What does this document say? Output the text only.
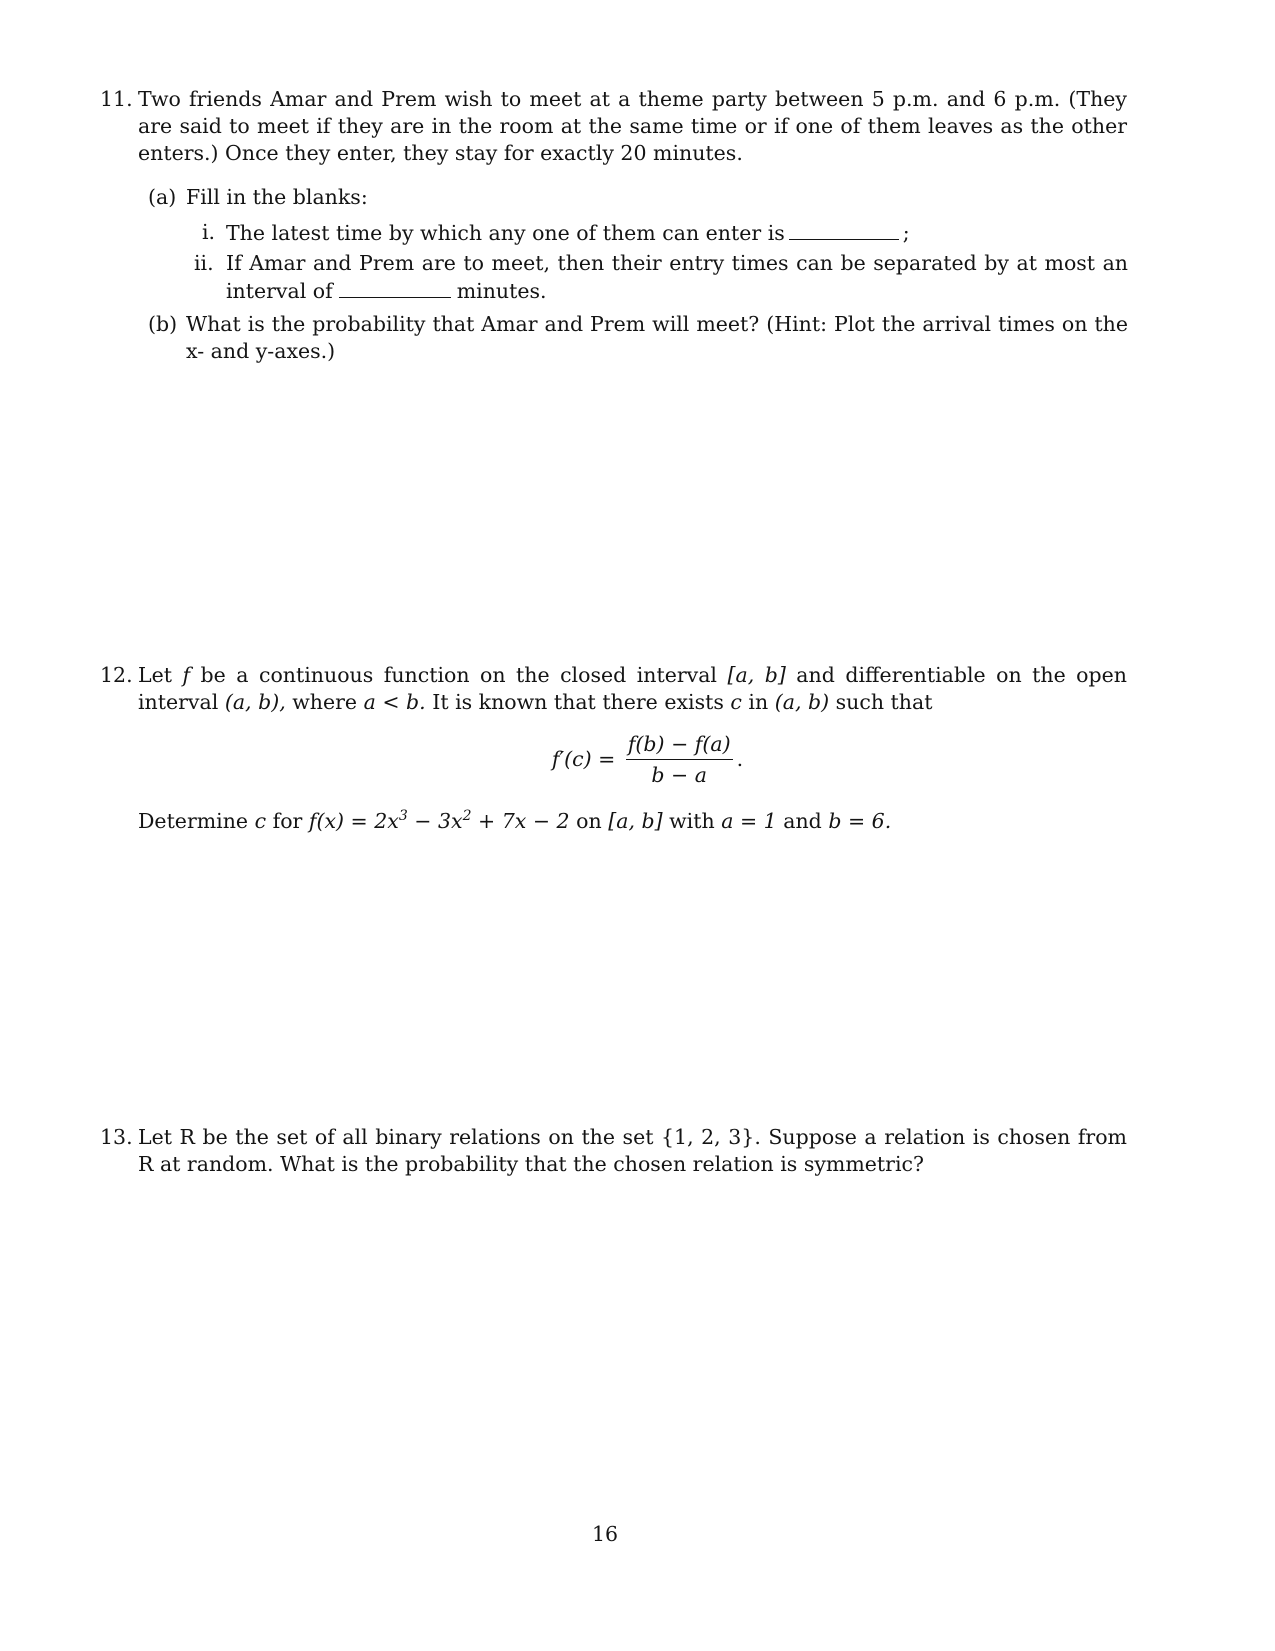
11. Two friends Amar and Prem wish to meet at a theme party between 5 p.m. and 6 p.m. (They are said to meet if they are in the room at the same time or if one of them leaves as the other enters.) Once they enter, they stay for exactly 20 minutes.
(a) Fill in the blanks:
i. The latest time by which any one of them can enter is	;
ii. If Amar and Prem are to meet, then their entry times can be separated by at most an interval of	minutes.
(b) What is the probability that Amar and Prem will meet? (Hint: Plot the arrival times on the x- and y-axes.)
12. Let f be a continuous function on the closed interval [a, b] and differentiable on the open interval (a, b), where a < b. It is known that there exists c in (a, b) such that
$f'(c) = \frac{f(b) - f(a)}{b - a}$ .
Determine c for $f(x) = 2x^3 - 3x^2 + 7x - 2$ on [a, b] with a = 1 and b = 6.
13. Let R be the set of all binary relations on the set {1, 2, 3}. Suppose a relation is chosen from R at random. What is the probability that the chosen relation is symmetric?
16
